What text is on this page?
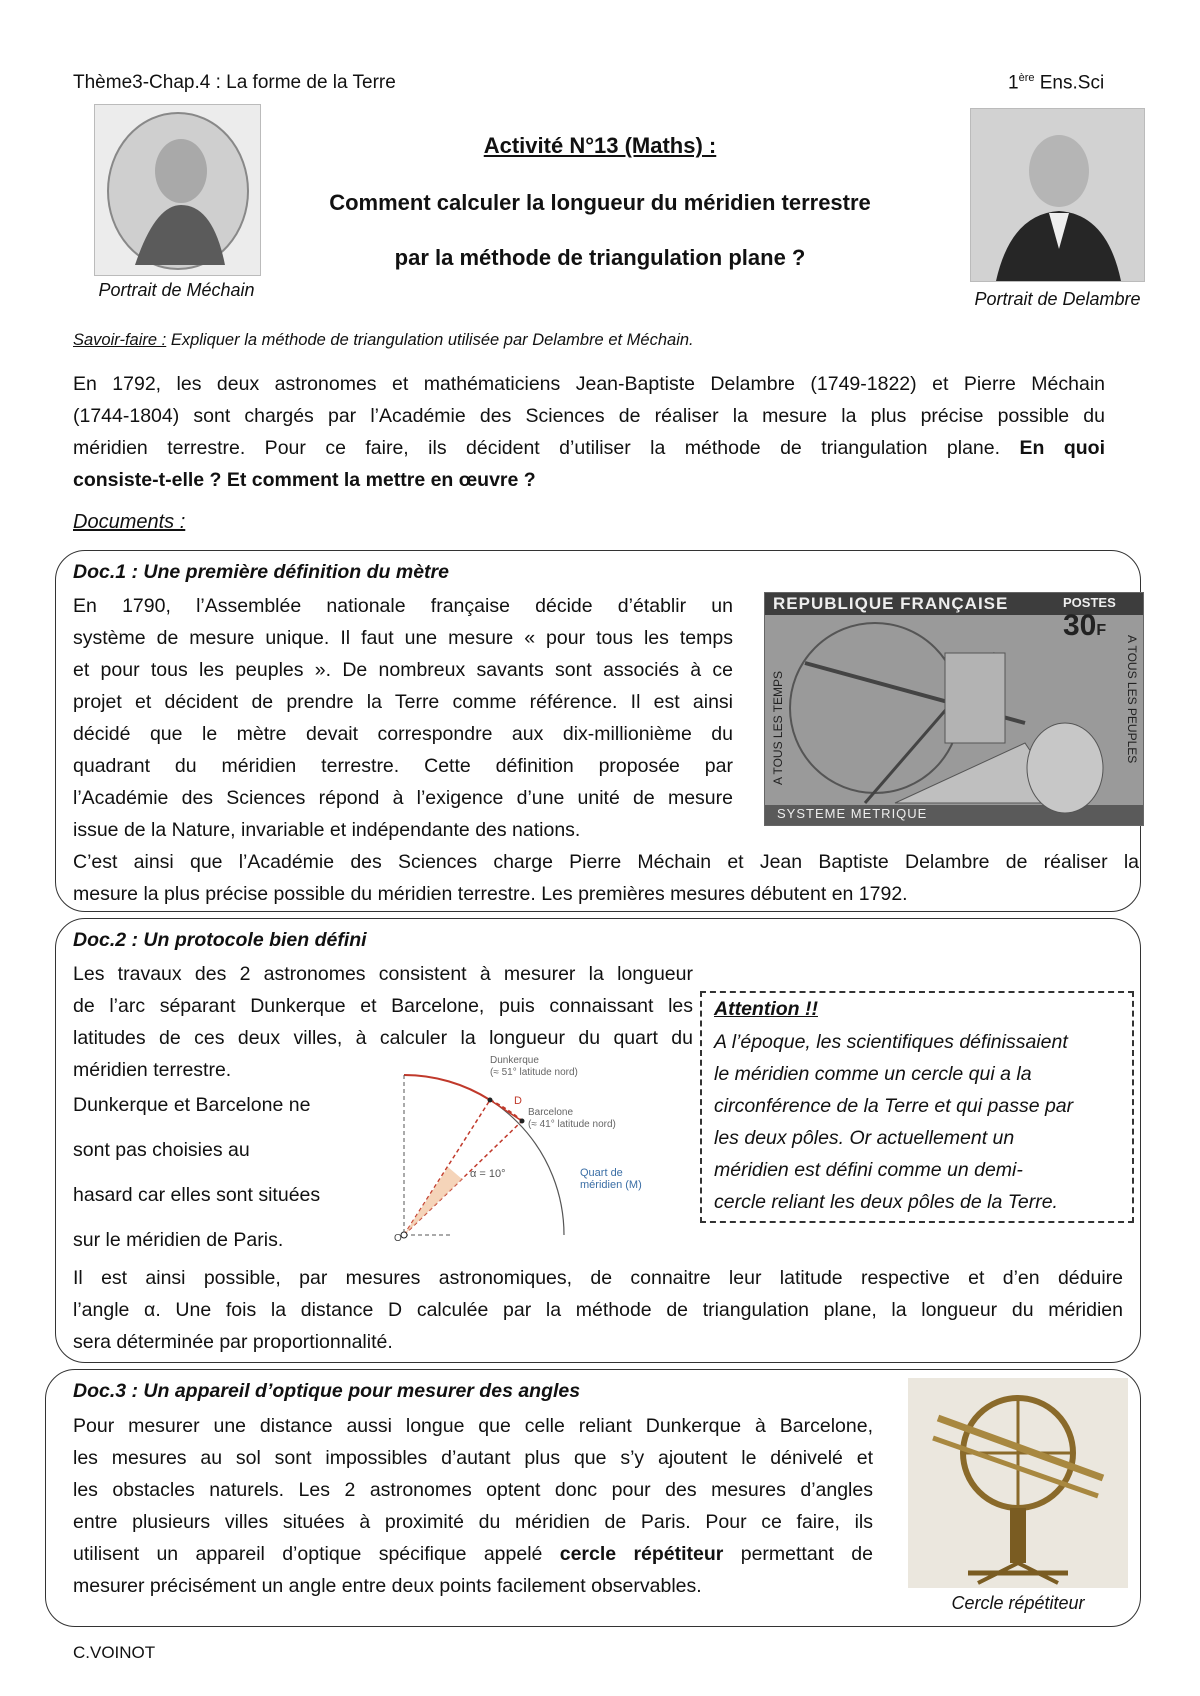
Thème3-Chap.4 : La forme de la Terre	1ère Ens.Sci
Portrait de Méchain	Portrait de Delambre
Activité N°13 (Maths) :
Comment calculer la longueur du méridien terrestre
par la méthode de triangulation plane ?
Savoir-faire : Expliquer la méthode de triangulation utilisée par Delambre et Méchain.

En 1792, les deux astronomes et mathématiciens Jean-Baptiste Delambre (1749-1822) et Pierre Méchain

(1744-1804) sont chargés par l’Académie des Sciences de réaliser la mesure la plus précise possible du

méridien terrestre. Pour ce faire, ils décident d’utiliser la méthode de triangulation plane. En quoi

consiste-t-elle ? Et comment la mettre en œuvre ?

Documents :
Doc.1 : Une première définition du mètre

En 1790, l’Assemblée nationale française décide d’établir un

système de mesure unique. Il faut une mesure « pour tous les temps

et pour tous les peuples ». De nombreux savants sont associés à ce

projet et décident de prendre la Terre comme référence. Il est ainsi

décidé que le mètre devait correspondre aux dix-millionième du

quadrant du méridien terrestre. Cette définition proposée par

l’Académie des Sciences répond à l’exigence d’une unité de mesure

issue de la Nature, invariable et indépendante des nations.

C’est ainsi que l’Académie des Sciences charge Pierre Méchain et Jean Baptiste Delambre de réaliser la

mesure la plus précise possible du méridien terrestre. Les premières mesures débutent en 1792.

REPUBLIQUE FRANÇAISE	POSTES
30F
A TOUS LES TEMPS	A TOUS LES PEUPLES
SYSTEME METRIQUE
Doc.2 : Un protocole bien défini

Les travaux des 2 astronomes consistent à mesurer la longueur

de l’arc séparant Dunkerque et Barcelone, puis connaissant les

latitudes de ces deux villes, à calculer la longueur du quart du

méridien terrestre.

Dunkerque et Barcelone ne

sont pas choisies au

hasard car elles sont situées

sur le méridien de Paris.

Dunkerque
(≈ 51° latitude nord)
Barcelone
(≈ 41° latitude nord)
D
α = 10°	Quart de
méridien (M)
O
Attention !!

A l’époque, les scientifiques définissaient

le méridien comme un cercle qui a la

circonférence de la Terre et qui passe par

les deux pôles. Or actuellement un

méridien est défini comme un demi-

cercle reliant les deux pôles de la Terre.

Il est ainsi possible, par mesures astronomiques, de connaitre leur latitude respective et d’en déduire

l’angle α. Une fois la distance D calculée par la méthode de triangulation plane, la longueur du méridien

sera déterminée par proportionnalité.

Doc.3 : Un appareil d’optique pour mesurer des angles

Pour mesurer une distance aussi longue que celle reliant Dunkerque à Barcelone,

les mesures au sol sont impossibles d’autant plus que s’y ajoutent le dénivelé et

les obstacles naturels. Les 2 astronomes optent donc pour des mesures d’angles

entre plusieurs villes situées à proximité du méridien de Paris. Pour ce faire, ils

utilisent un appareil d’optique spécifique appelé cercle répétiteur permettant de

mesurer précisément un angle entre deux points facilement observables.

Cercle répétiteur
C.VOINOT
